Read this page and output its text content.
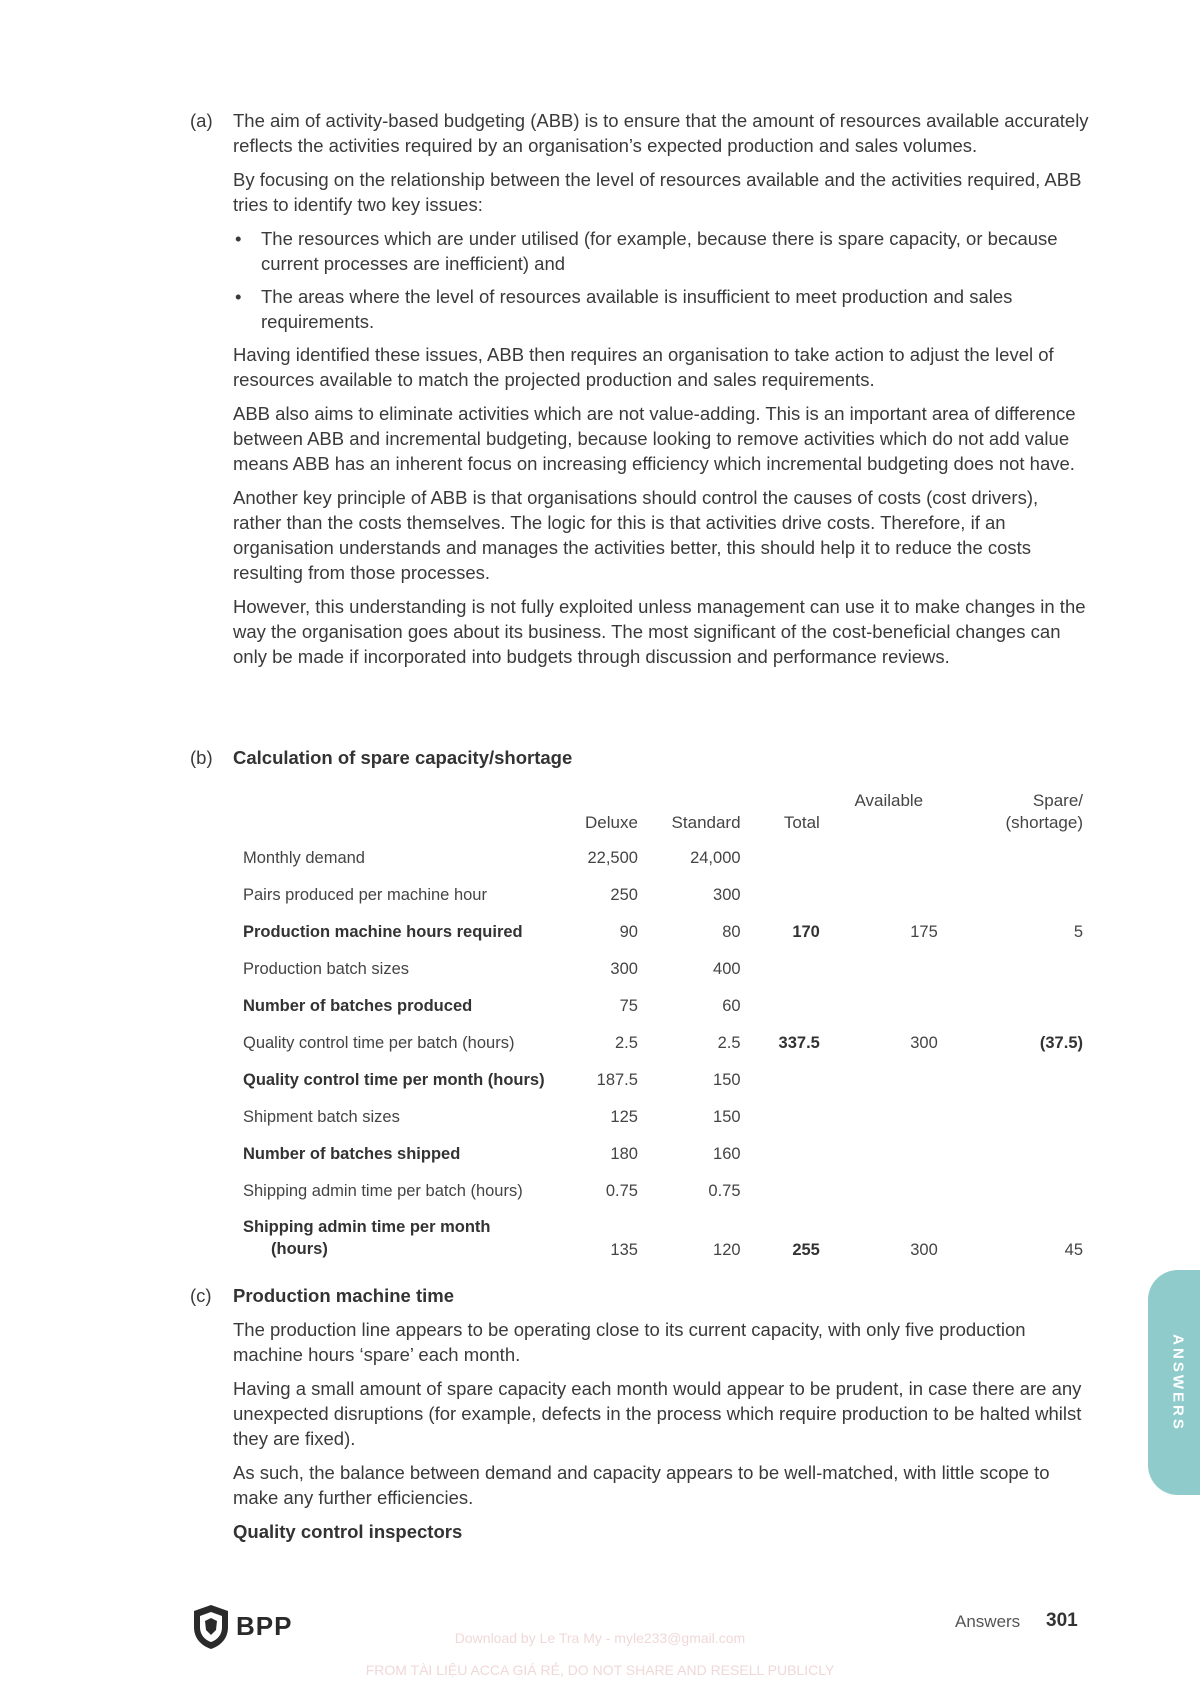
(a) The aim of activity-based budgeting (ABB) is to ensure that the amount of resources available accurately reflects the activities required by an organisation’s expected production and sales volumes.

By focusing on the relationship between the level of resources available and the activities required, ABB tries to identify two key issues:

• The resources which are under utilised (for example, because there is spare capacity, or because current processes are inefficient) and
• The areas where the level of resources available is insufficient to meet production and sales requirements.

Having identified these issues, ABB then requires an organisation to take action to adjust the level of resources available to match the projected production and sales requirements.

ABB also aims to eliminate activities which are not value-adding. This is an important area of difference between ABB and incremental budgeting, because looking to remove activities which do not add value means ABB has an inherent focus on increasing efficiency which incremental budgeting does not have.

Another key principle of ABB is that organisations should control the causes of costs (cost drivers), rather than the costs themselves. The logic for this is that activities drive costs. Therefore, if an organisation understands and manages the activities better, this should help it to reduce the costs resulting from those processes.

However, this understanding is not fully exploited unless management can use it to make changes in the way the organisation goes about its business. The most significant of the cost-beneficial changes can only be made if incorporated into budgets through discussion and performance reviews.

(b) Calculation of spare capacity/shortage
	Deluxe	Standard	Total	Available	Spare/
(shortage)
Monthly demand	22,500	24,000			
Pairs produced per machine hour	250	300			
Production machine hours required	90	80	170	175	5
Production batch sizes	300	400			
Number of batches produced	75	60			
Quality control time per batch (hours)	2.5	2.5	337.5	300	(37.5)
Quality control time per month (hours)	187.5	150			
Shipment batch sizes	125	150			
Number of batches shipped	180	160			
Shipping admin time per batch (hours)	0.75	0.75			
Shipping admin time per month
(hours)	135	120	255	300	45
(c) Production machine time

The production line appears to be operating close to its current capacity, with only five production machine hours ‘spare’ each month.

Having a small amount of spare capacity each month would appear to be prudent, in case there are any unexpected disruptions (for example, defects in the process which require production to be halted whilst they are fixed).

As such, the balance between demand and capacity appears to be well-matched, with little scope to make any further efficiencies.

Quality control inspectors
ANSWERS
BPP	Answers 301
Download by Le Tra My - myle233@gmail.com
FROM TÀI LIỆU ACCA GIÁ RẺ, DO NOT SHARE AND RESELL PUBLICLY
